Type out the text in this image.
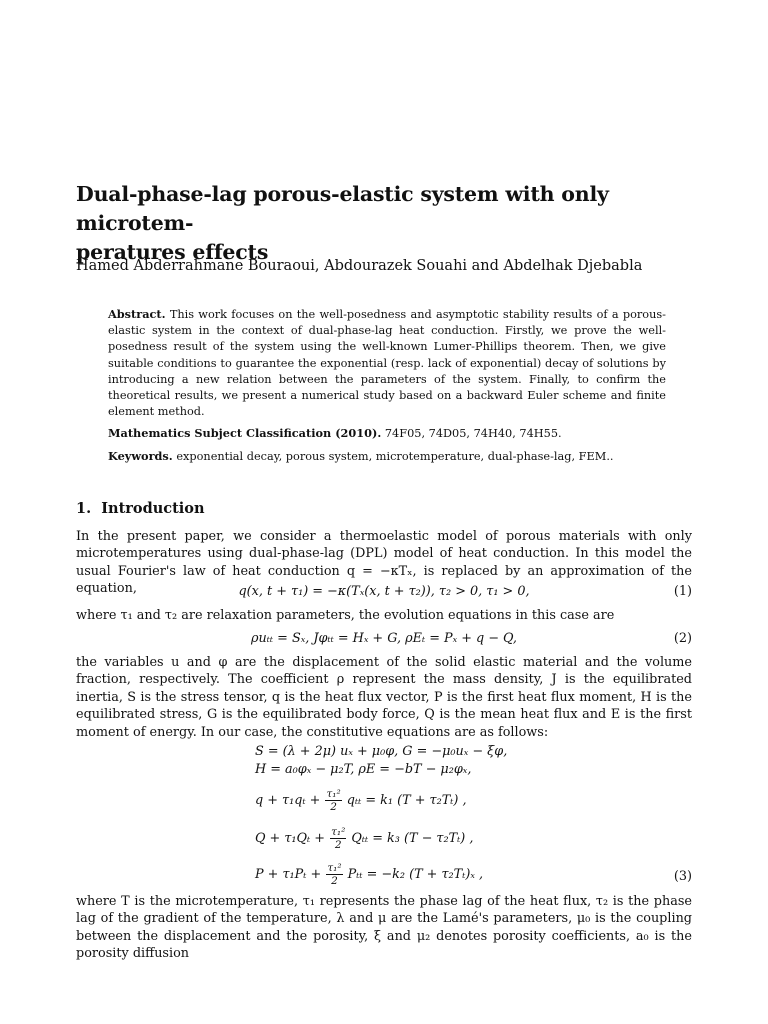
Dual-phase-lag porous-elastic system with only microtem-
peratures effects
Hamed Abderrahmane Bouraoui, Abdourazek Souahi and Abdelhak Djebabla

Abstract. This work focuses on the well-posedness and asymptotic stability results of a porous-elastic system in the context of dual-phase-lag heat conduction. Firstly, we prove the well-posedness result of the system using the well-known Lumer-Phillips theorem. Then, we give suitable conditions to guarantee the exponential (resp. lack of exponential) decay of solutions by introducing a new relation between the parameters of the system. Finally, to confirm the theoretical results, we present a numerical study based on a backward Euler scheme and finite element method.

Mathematics Subject Classification (2010). 74F05, 74D05, 74H40, 74H55.

Keywords. exponential decay, porous system, microtemperature, dual-phase-lag, FEM..

1. Introduction
In the present paper, we consider a thermoelastic model of porous materials with only microtemperatures using dual-phase-lag (DPL) model of heat conduction. In this model the usual Fourier's law of heat conduction q = −κTₓ, is replaced by an approximation of the equation,	q(x, t + τ₁) = −κ(Tₓ(x, t + τ₂)), τ₂ > 0, τ₁ > 0,	(1)
where τ₁ and τ₂ are relaxation parameters, the evolution equations in this case are
ρuₜₜ = Sₓ, Jφₜₜ = Hₓ + G, ρEₜ = Pₓ + q − Q,	(2)
the variables u and φ are the displacement of the solid elastic material and the volume fraction, respectively. The coefficient ρ represent the mass density, J is the equilibrated inertia, S is the stress tensor, q is the heat flux vector, P is the first heat flux moment, H is the equilibrated stress, G is the equilibrated body force, Q is the mean heat flux and E is the first moment of energy. In our case, the constitutive equations are as follows:
S = (λ + 2μ) uₓ + μ₀φ, G = −μ₀uₓ − ξφ,
H = a₀φₓ − μ₂T, ρE = −bT − μ₂φₓ,
$q + \tau_1q_t + \frac{\text{τ₁²}}{2}$ qₜₜ = k₁ (T + τ₂Tₜ) ,
$Q + \tau_1Q_t + \frac{\text{τ₁²}}{2}$ Qₜₜ = k₃ (T − τ₂Tₜ) ,
$P + \tau_1P_t + \frac{\text{τ₁²}}{2}$ Pₜₜ = −k₂ (T + τ₂Tₜ)ₓ ,	(3)
where T is the microtemperature, τ₁ represents the phase lag of the heat flux, τ₂ is the phase lag of the gradient of the temperature, λ and μ are the Lamé's parameters, μ₀ is the coupling between the displacement and the porosity, ξ and μ₂ denotes porosity coefficients, a₀ is the porosity diffusion
